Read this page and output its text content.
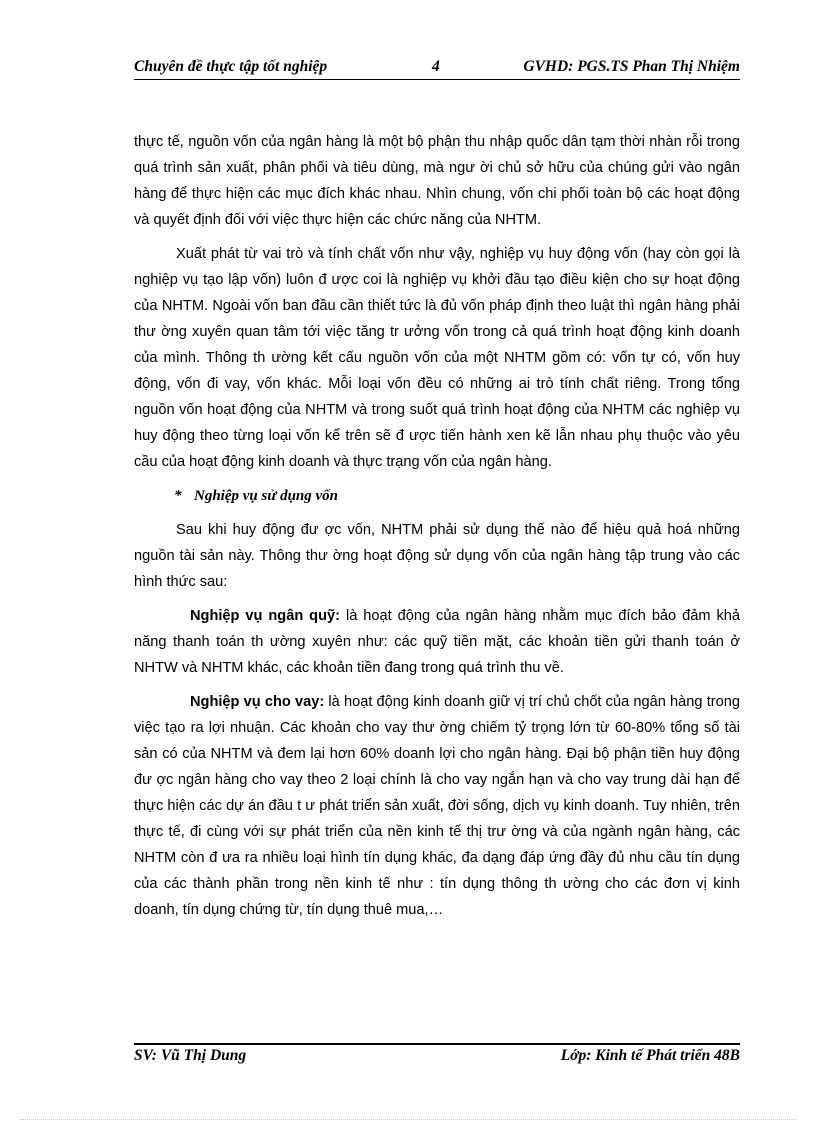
Chuyên đề thực tập tốt nghiệp	4	GVHD: PGS.TS Phan Thị Nhiệm

thực tế, nguồn vốn của ngân hàng là một bộ phận thu nhập quốc dân tạm thời nhàn rỗi trong quá trình sản xuất, phân phối và tiêu dùng, mà ngư ời chủ sở hữu của chúng gửi vào ngân hàng để thực hiện các mục đích khác nhau. Nhìn chung, vốn chi phối toàn bộ các hoạt động và quyết định đối với việc thực hiện các chức năng của NHTM.

Xuất phát từ vai trò và tính chất vốn như vậy, nghiệp vụ huy động vốn (hay còn gọi là nghiệp vụ tạo lập vốn) luôn đ ược coi là nghiệp vụ khởi đầu tạo điều kiện cho sự hoạt động của NHTM. Ngoài vốn ban đầu cần thiết tức là đủ vốn pháp định theo luật thì ngân hàng phải thư ờng xuyên quan tâm tới việc tăng tr ưởng vốn trong cả quá trình hoạt động kinh doanh của mình. Thông th ường kết cấu nguồn vốn của một NHTM gồm có: vốn tự có, vốn huy động, vốn đi vay, vốn khác. Mỗi loại vốn đều có những ai trò tính chất riêng. Trong tổng nguồn vốn hoạt động của NHTM và trong suốt quá trình hoạt động của NHTM các nghiệp vụ huy động theo từng loại vốn kể trên sẽ đ ược tiến hành xen kẽ lẫn nhau phụ thuộc vào yêu cầu của hoạt động kinh doanh và thực trạng vốn của ngân hàng.

* Nghiệp vụ sử dụng vốn

Sau khi huy động đư ợc vốn, NHTM phải sử dụng thế nào để hiệu quả hoá những nguồn tài sản này. Thông thư ờng hoạt động sử dụng vốn của ngân hàng tập trung vào các hình thức sau:

Nghiệp vụ ngân quỹ: là hoạt động của ngân hàng nhằm mục đích bảo đảm khả năng thanh toán th ường xuyên như: các quỹ tiền mặt, các khoản tiền gửi thanh toán ở NHTW và NHTM khác, các khoản tiền đang trong quá trình thu về.

Nghiệp vụ cho vay: là hoạt động kinh doanh giữ vị trí chủ chốt của ngân hàng trong việc tạo ra lợi nhuận. Các khoản cho vay thư ờng chiếm tỷ trọng lớn từ 60-80% tổng số tài sản có của NHTM và đem lại hơn 60% doanh lợi cho ngân hàng. Đại bộ phận tiền huy động đư ợc ngân hàng cho vay theo 2 loại chính là cho vay ngắn hạn và cho vay trung dài hạn để thực hiện các dự án đầu t ư phát triển sản xuất, đời sống, dịch vụ kinh doanh. Tuy nhiên, trên thực tế, đi cùng với sự phát triển của nền kinh tế thị trư ờng và của ngành ngân hàng, các NHTM còn đ ưa ra nhiều loại hình tín dụng khác, đa dạng đáp ứng đầy đủ nhu cầu tín dụng của các thành phần trong nền kinh tế như : tín dụng thông th ường cho các đơn vị kinh doanh, tín dụng chứng từ, tín dụng thuê mua,…

SV: Vũ Thị Dung	Lớp: Kinh tế Phát triển 48B
